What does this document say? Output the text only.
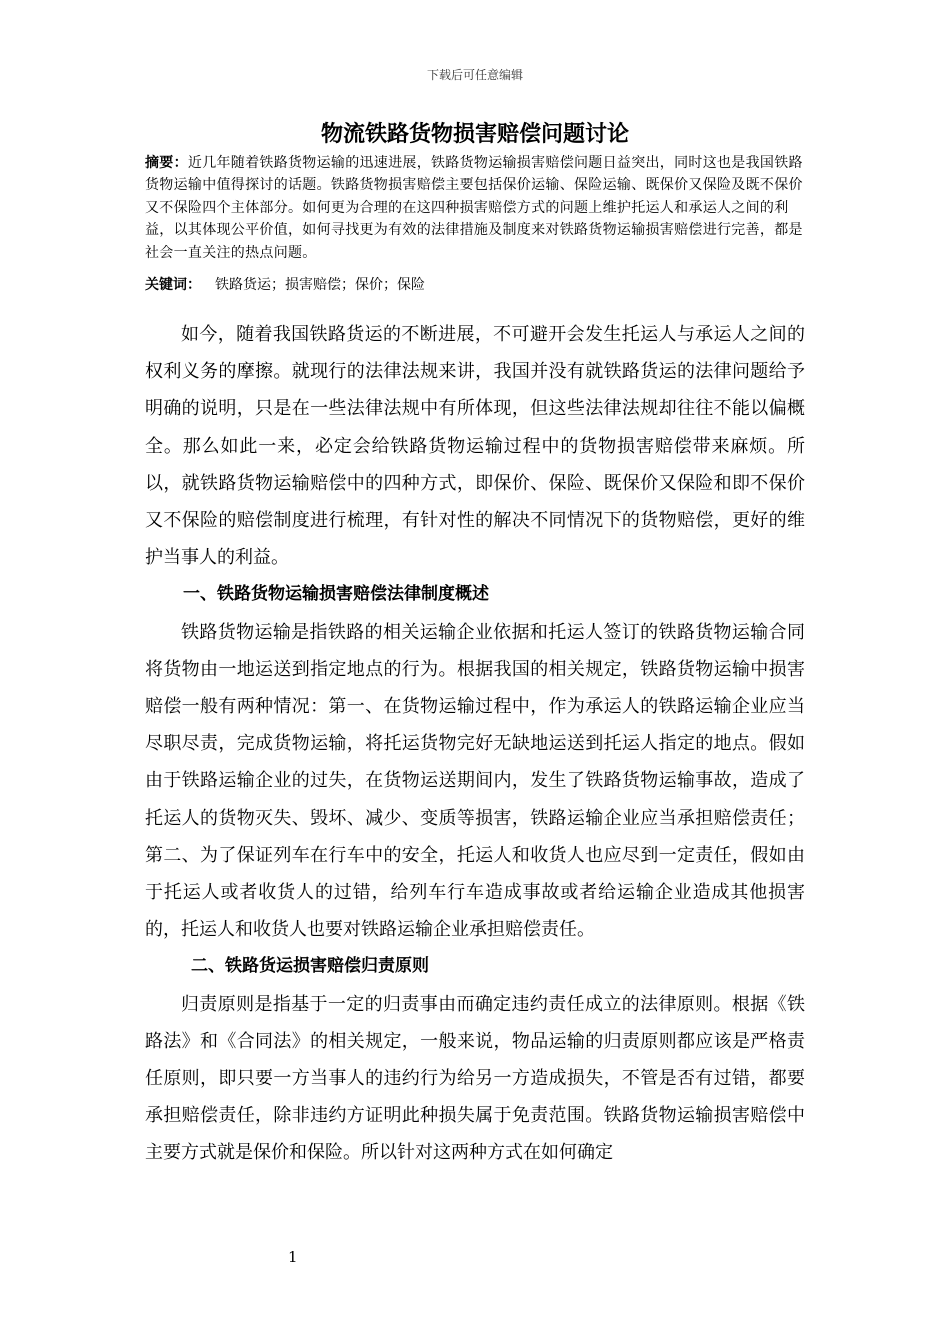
下载后可任意编辑
物流铁路货物损害赔偿问题讨论
摘要：近几年随着铁路货物运输的迅速进展，铁路货物运输损害赔偿问题日益突出，同时这也是我国铁路货物运输中值得探讨的话题。铁路货物损害赔偿主要包括保价运输、保险运输、既保价又保险及既不保价又不保险四个主体部分。如何更为合理的在这四种损害赔偿方式的问题上维护托运人和承运人之间的利益，以其体现公平价值，如何寻找更为有效的法律措施及制度来对铁路货物运输损害赔偿进行完善，都是社会一直关注的热点问题。
关键词： 铁路货运；损害赔偿；保价；保险

如今，随着我国铁路货运的不断进展，不可避开会发生托运人与承运人之间的权利义务的摩擦。就现行的法律法规来讲，我国并没有就铁路货运的法律问题给予明确的说明，只是在一些法律法规中有所体现，但这些法律法规却往往不能以偏概全。那么如此一来，必定会给铁路货物运输过程中的货物损害赔偿带来麻烦。所以，就铁路货物运输赔偿中的四种方式，即保价、保险、既保价又保险和即不保价又不保险的赔偿制度进行梳理，有针对性的解决不同情况下的货物赔偿，更好的维护当事人的利益。

一、铁路货物运输损害赔偿法律制度概述

铁路货物运输是指铁路的相关运输企业依据和托运人签订的铁路货物运输合同将货物由一地运送到指定地点的行为。根据我国的相关规定，铁路货物运输中损害赔偿一般有两种情况：第一、在货物运输过程中，作为承运人的铁路运输企业应当尽职尽责，完成货物运输，将托运货物完好无缺地运送到托运人指定的地点。假如由于铁路运输企业的过失，在货物运送期间内，发生了铁路货物运输事故，造成了托运人的货物灭失、毁坏、减少、变质等损害，铁路运输企业应当承担赔偿责任；第二、为了保证列车在行车中的安全，托运人和收货人也应尽到一定责任，假如由于托运人或者收货人的过错，给列车行车造成事故或者给运输企业造成其他损害的，托运人和收货人也要对铁路运输企业承担赔偿责任。

二、铁路货运损害赔偿归责原则

归责原则是指基于一定的归责事由而确定违约责任成立的法律原则。根据《铁路法》和《合同法》的相关规定，一般来说，物品运输的归责原则都应该是严格责任原则，即只要一方当事人的违约行为给另一方造成损失，不管是否有过错，都要承担赔偿责任，除非违约方证明此种损失属于免责范围。铁路货物运输损害赔偿中主要方式就是保价和保险。所以针对这两种方式在如何确定

1
